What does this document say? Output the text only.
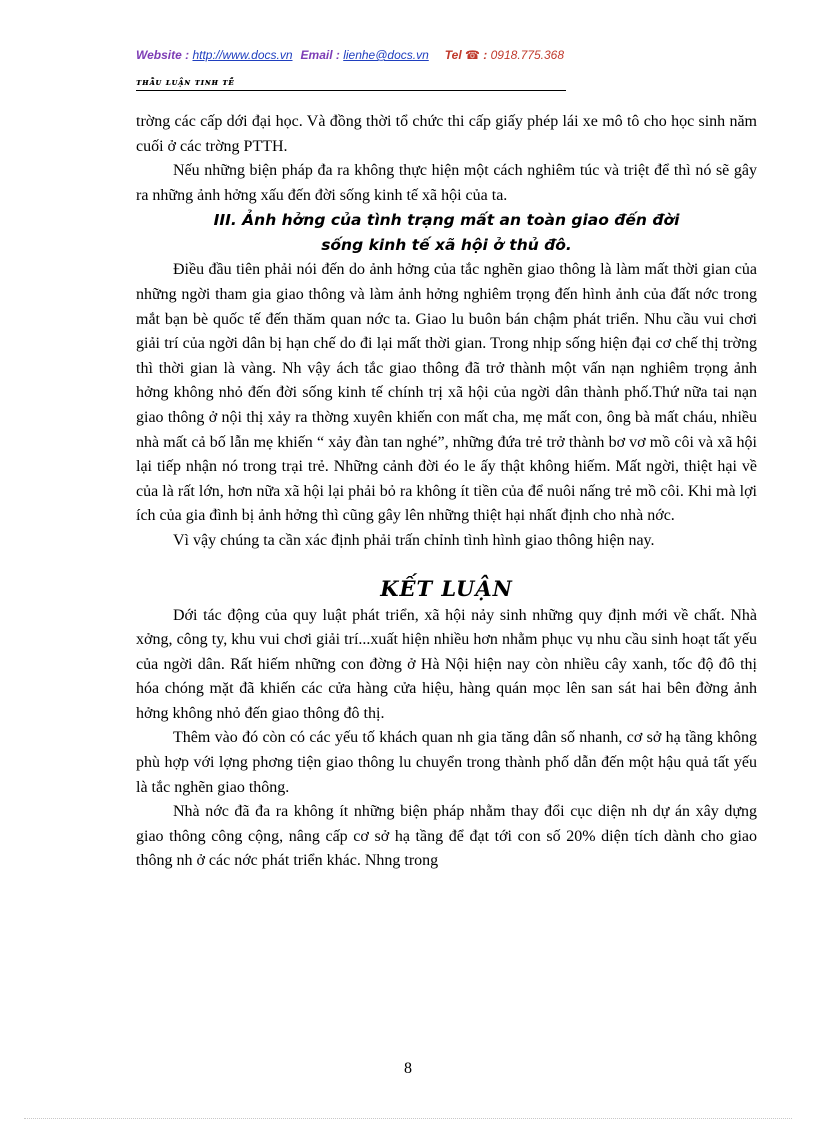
Website : http://www.docs.vn Email : lienhe@docs.vn Tel ☎ : 0918.775.368
ᴛʜᴀ̂̀ᴜ ʟᴜᴀ̣̂ɴ ᴛɪɴʜ ᴛᴇ̂́

trờng các cấp dới đại học. Và đồng thời tổ chức thi cấp giấy phép lái xe mô tô cho học sinh năm cuối ở các trờng PTTH.

Nếu những biện pháp đa ra không thực hiện một cách nghiêm túc và triệt để thì nó sẽ gây ra những ảnh hởng xấu đến đời sống kinh tế xã hội của ta.

III. Ảnh hởng của tình trạng mất an toàn giao đến đời

sống kinh tế xã hội ở thủ đô.

Điều đầu tiên phải nói đến do ảnh hởng của tắc nghẽn giao thông là làm mất thời gian của những ngời tham gia giao thông và làm ảnh hởng nghiêm trọng đến hình ảnh của đất nớc trong mắt bạn bè quốc tế đến thăm quan nớc ta. Giao lu buôn bán chậm phát triển. Nhu cầu vui chơi giải trí của ngời dân bị hạn chế do đi lại mất thời gian. Trong nhịp sống hiện đại cơ chế thị trờng thì thời gian là vàng. Nh vậy ách tắc giao thông đã trở thành một vấn nạn nghiêm trọng ảnh hởng không nhỏ đến đời sống kinh tế chính trị xã hội của ngời dân thành phố.Thứ nữa tai nạn giao thông ở nội thị xảy ra thờng xuyên khiến con mất cha, mẹ mất con, ông bà mất cháu, nhiều nhà mất cả bố lẫn mẹ khiến “ xảy đàn tan nghé”, những đứa trẻ trở thành bơ vơ mồ côi và xã hội lại tiếp nhận nó trong trại trẻ. Những cảnh đời éo le ấy thật không hiếm. Mất ngời, thiệt hại về của là rất lớn, hơn nữa xã hội lại phải bỏ ra không ít tiền của để nuôi nấng trẻ mồ côi. Khi mà lợi ích của gia đình bị ảnh hởng thì cũng gây lên những thiệt hại nhất định cho nhà nớc.

Vì vậy chúng ta cần xác định phải trấn chỉnh tình hình giao thông hiện nay.

KẾT LUẬN

Dới tác động của quy luật phát triển, xã hội nảy sinh những quy định mới về chất. Nhà xởng, công ty, khu vui chơi giải trí...xuất hiện nhiều hơn nhằm phục vụ nhu cầu sinh hoạt tất yếu của ngời dân. Rất hiếm những con đờng ở Hà Nội hiện nay còn nhiều cây xanh, tốc độ đô thị hóa chóng mặt đã khiến các cửa hàng cửa hiệu, hàng quán mọc lên san sát hai bên đờng ảnh hởng không nhỏ đến giao thông đô thị.

Thêm vào đó còn có các yếu tố khách quan nh gia tăng dân số nhanh, cơ sở hạ tầng không phù hợp với lợng phơng tiện giao thông lu chuyển trong thành phố dẫn đến một hậu quả tất yếu là tắc nghẽn giao thông.

Nhà nớc đã đa ra không ít những biện pháp nhằm thay đổi cục diện nh dự án xây dựng giao thông công cộng, nâng cấp cơ sở hạ tầng để đạt tới con số 20% diện tích dành cho giao thông nh ở các nớc phát triển khác. Nhng trong

8
